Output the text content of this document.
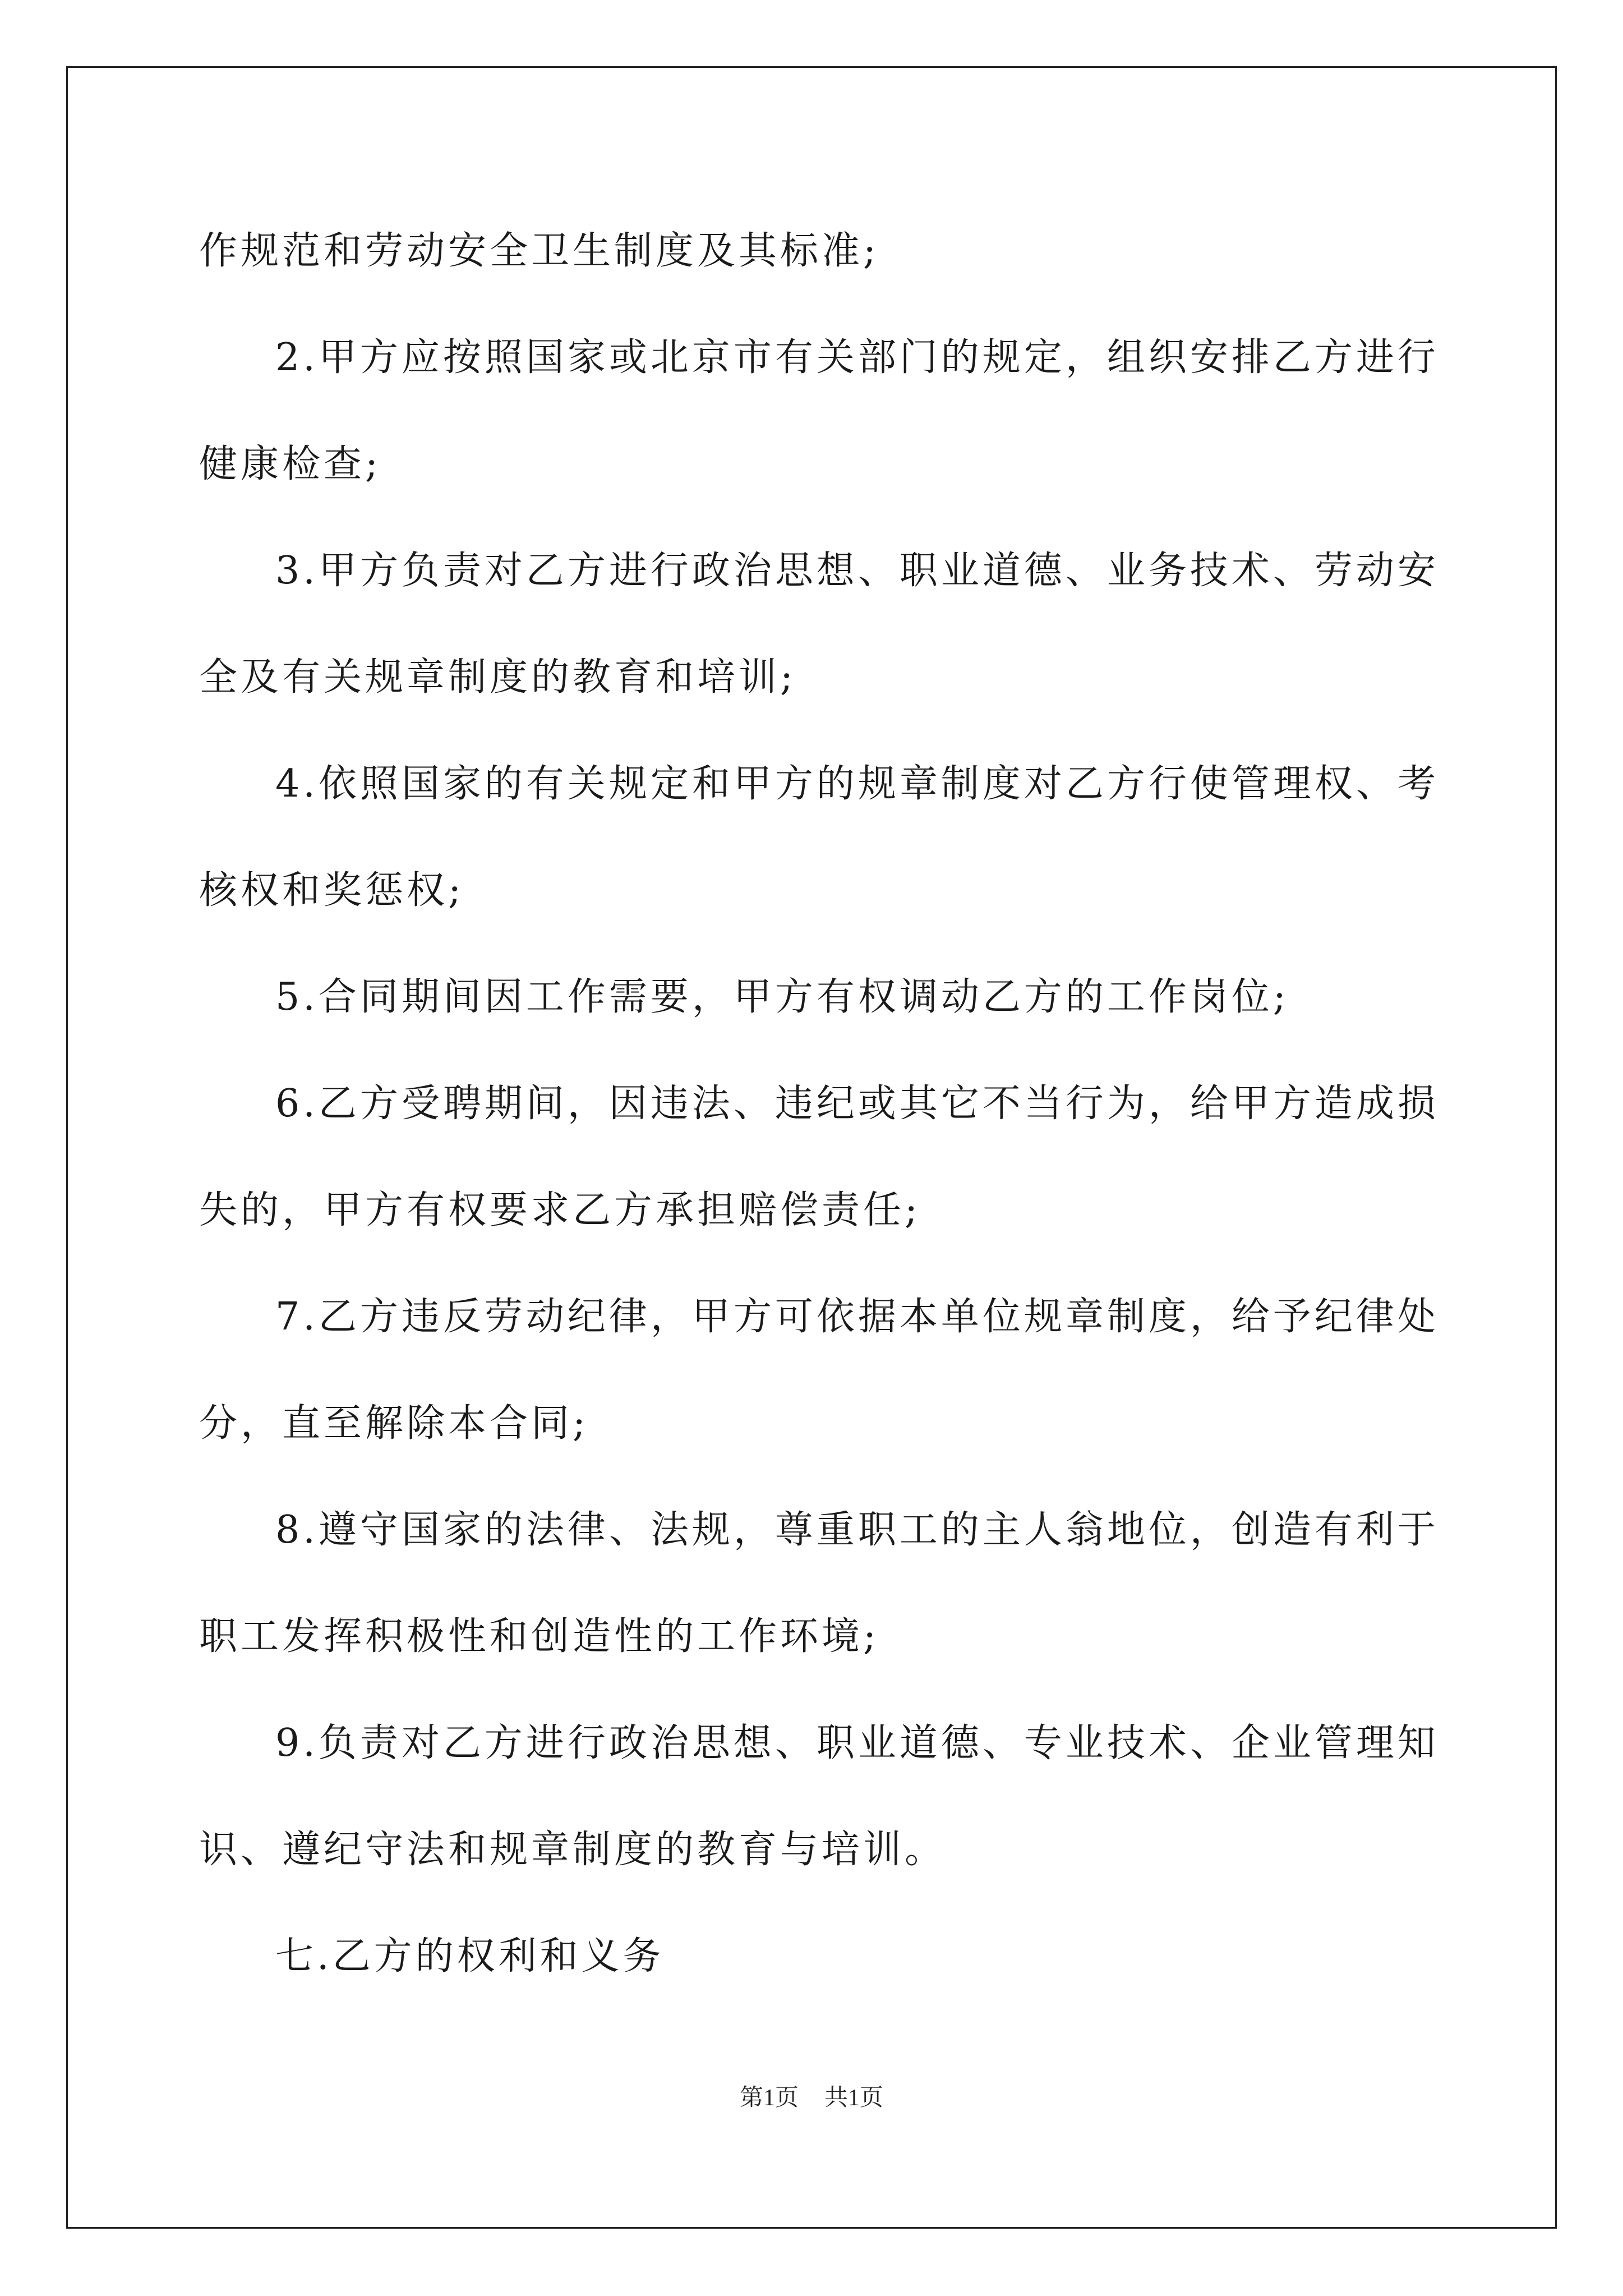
作规范和劳动安全卫生制度及其标准;

2.甲方应按照国家或北京市有关部门的规定，组织安排乙方进行
健康检查;

3.甲方负责对乙方进行政治思想、职业道德、业务技术、劳动安
全及有关规章制度的教育和培训;

4.依照国家的有关规定和甲方的规章制度对乙方行使管理权、考
核权和奖惩权;

5.合同期间因工作需要，甲方有权调动乙方的工作岗位;

6.乙方受聘期间，因违法、违纪或其它不当行为，给甲方造成损
失的，甲方有权要求乙方承担赔偿责任;

7.乙方违反劳动纪律，甲方可依据本单位规章制度，给予纪律处
分，直至解除本合同;

8.遵守国家的法律、法规，尊重职工的主人翁地位，创造有利于
职工发挥积极性和创造性的工作环境;

9.负责对乙方进行政治思想、职业道德、专业技术、企业管理知
识、遵纪守法和规章制度的教育与培训。

七.乙方的权利和义务

第1页 共1页
